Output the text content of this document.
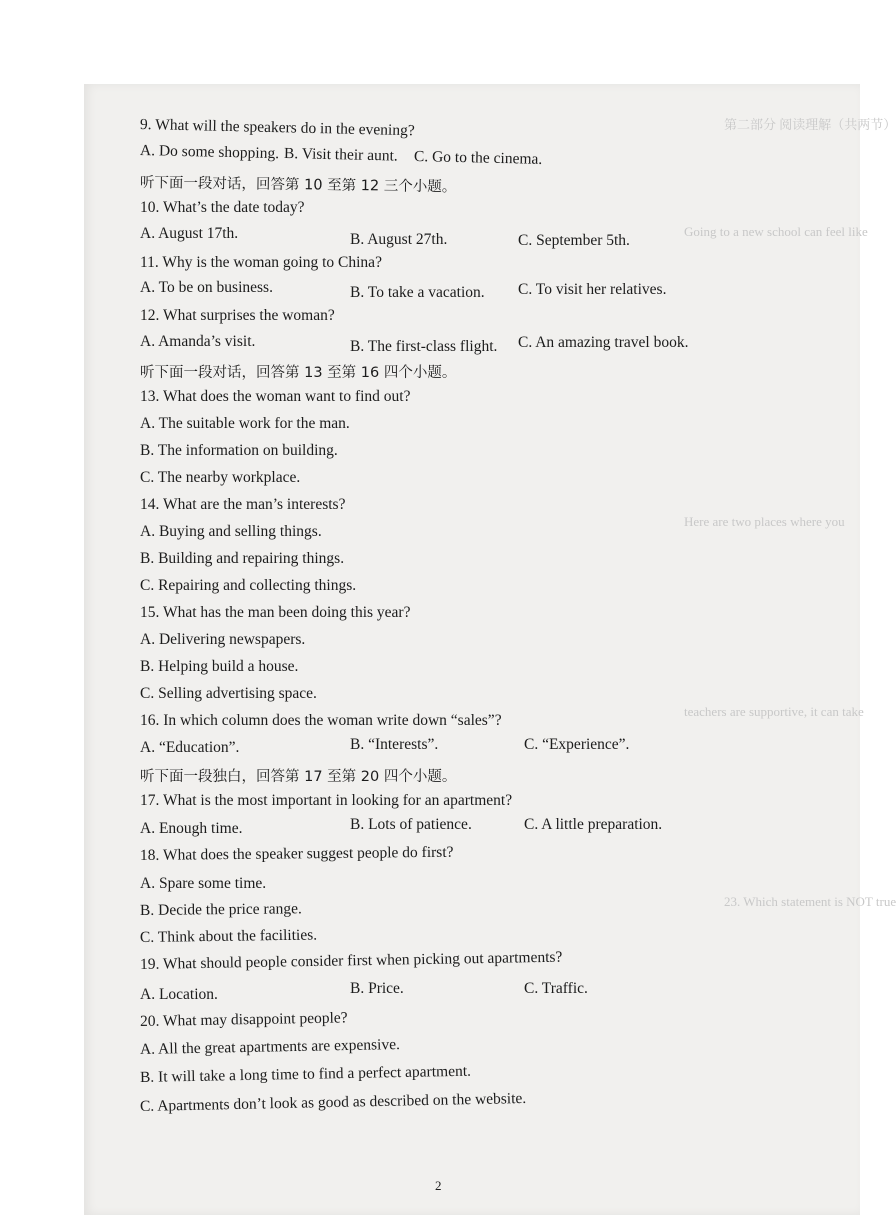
第二部分 阅读理解（共两节）
Going to a new school can feel like
Here are two places where you
teachers are supportive, it can take
23. Which statement is NOT true
9. What will the speakers do in the evening?
A. Do some shopping. B. Visit their aunt. C. Go to the cinema.
听下面一段对话，回答第 10 至第 12 三个小题。
10. What’s the date today?
A. August 17th.	B. August 27th.	C. September 5th.
11. Why is the woman going to China?
A. To be on business.	B. To take a vacation. C. To visit her relatives.
12. What surprises the woman?
A. Amanda’s visit.	B. The first-class flight. C. An amazing travel book.
听下面一段对话，回答第 13 至第 16 四个小题。
13. What does the woman want to find out?
A. The suitable work for the man.
B. The information on building.
C. The nearby workplace.
14. What are the man’s interests?
A. Buying and selling things.
B. Building and repairing things.
C. Repairing and collecting things.
15. What has the man been doing this year?
A. Delivering newspapers.
B. Helping build a house.
C. Selling advertising space.
16. In which column does the woman write down “sales”?
A. “Education”.	B. “Interests”.	C. “Experience”.
听下面一段独白，回答第 17 至第 20 四个小题。
17. What is the most important in looking for an apartment?
A. Enough time.	B. Lots of patience.	C. A little preparation.
18. What does the speaker suggest people do first?
A. Spare some time.
B. Decide the price range.
C. Think about the facilities.
19. What should people consider first when picking out apartments?
A. Location.	B. Price.	C. Traffic.
20. What may disappoint people?
A. All the great apartments are expensive.
B. It will take a long time to find a perfect apartment.
C. Apartments don’t look as good as described on the website.
2
